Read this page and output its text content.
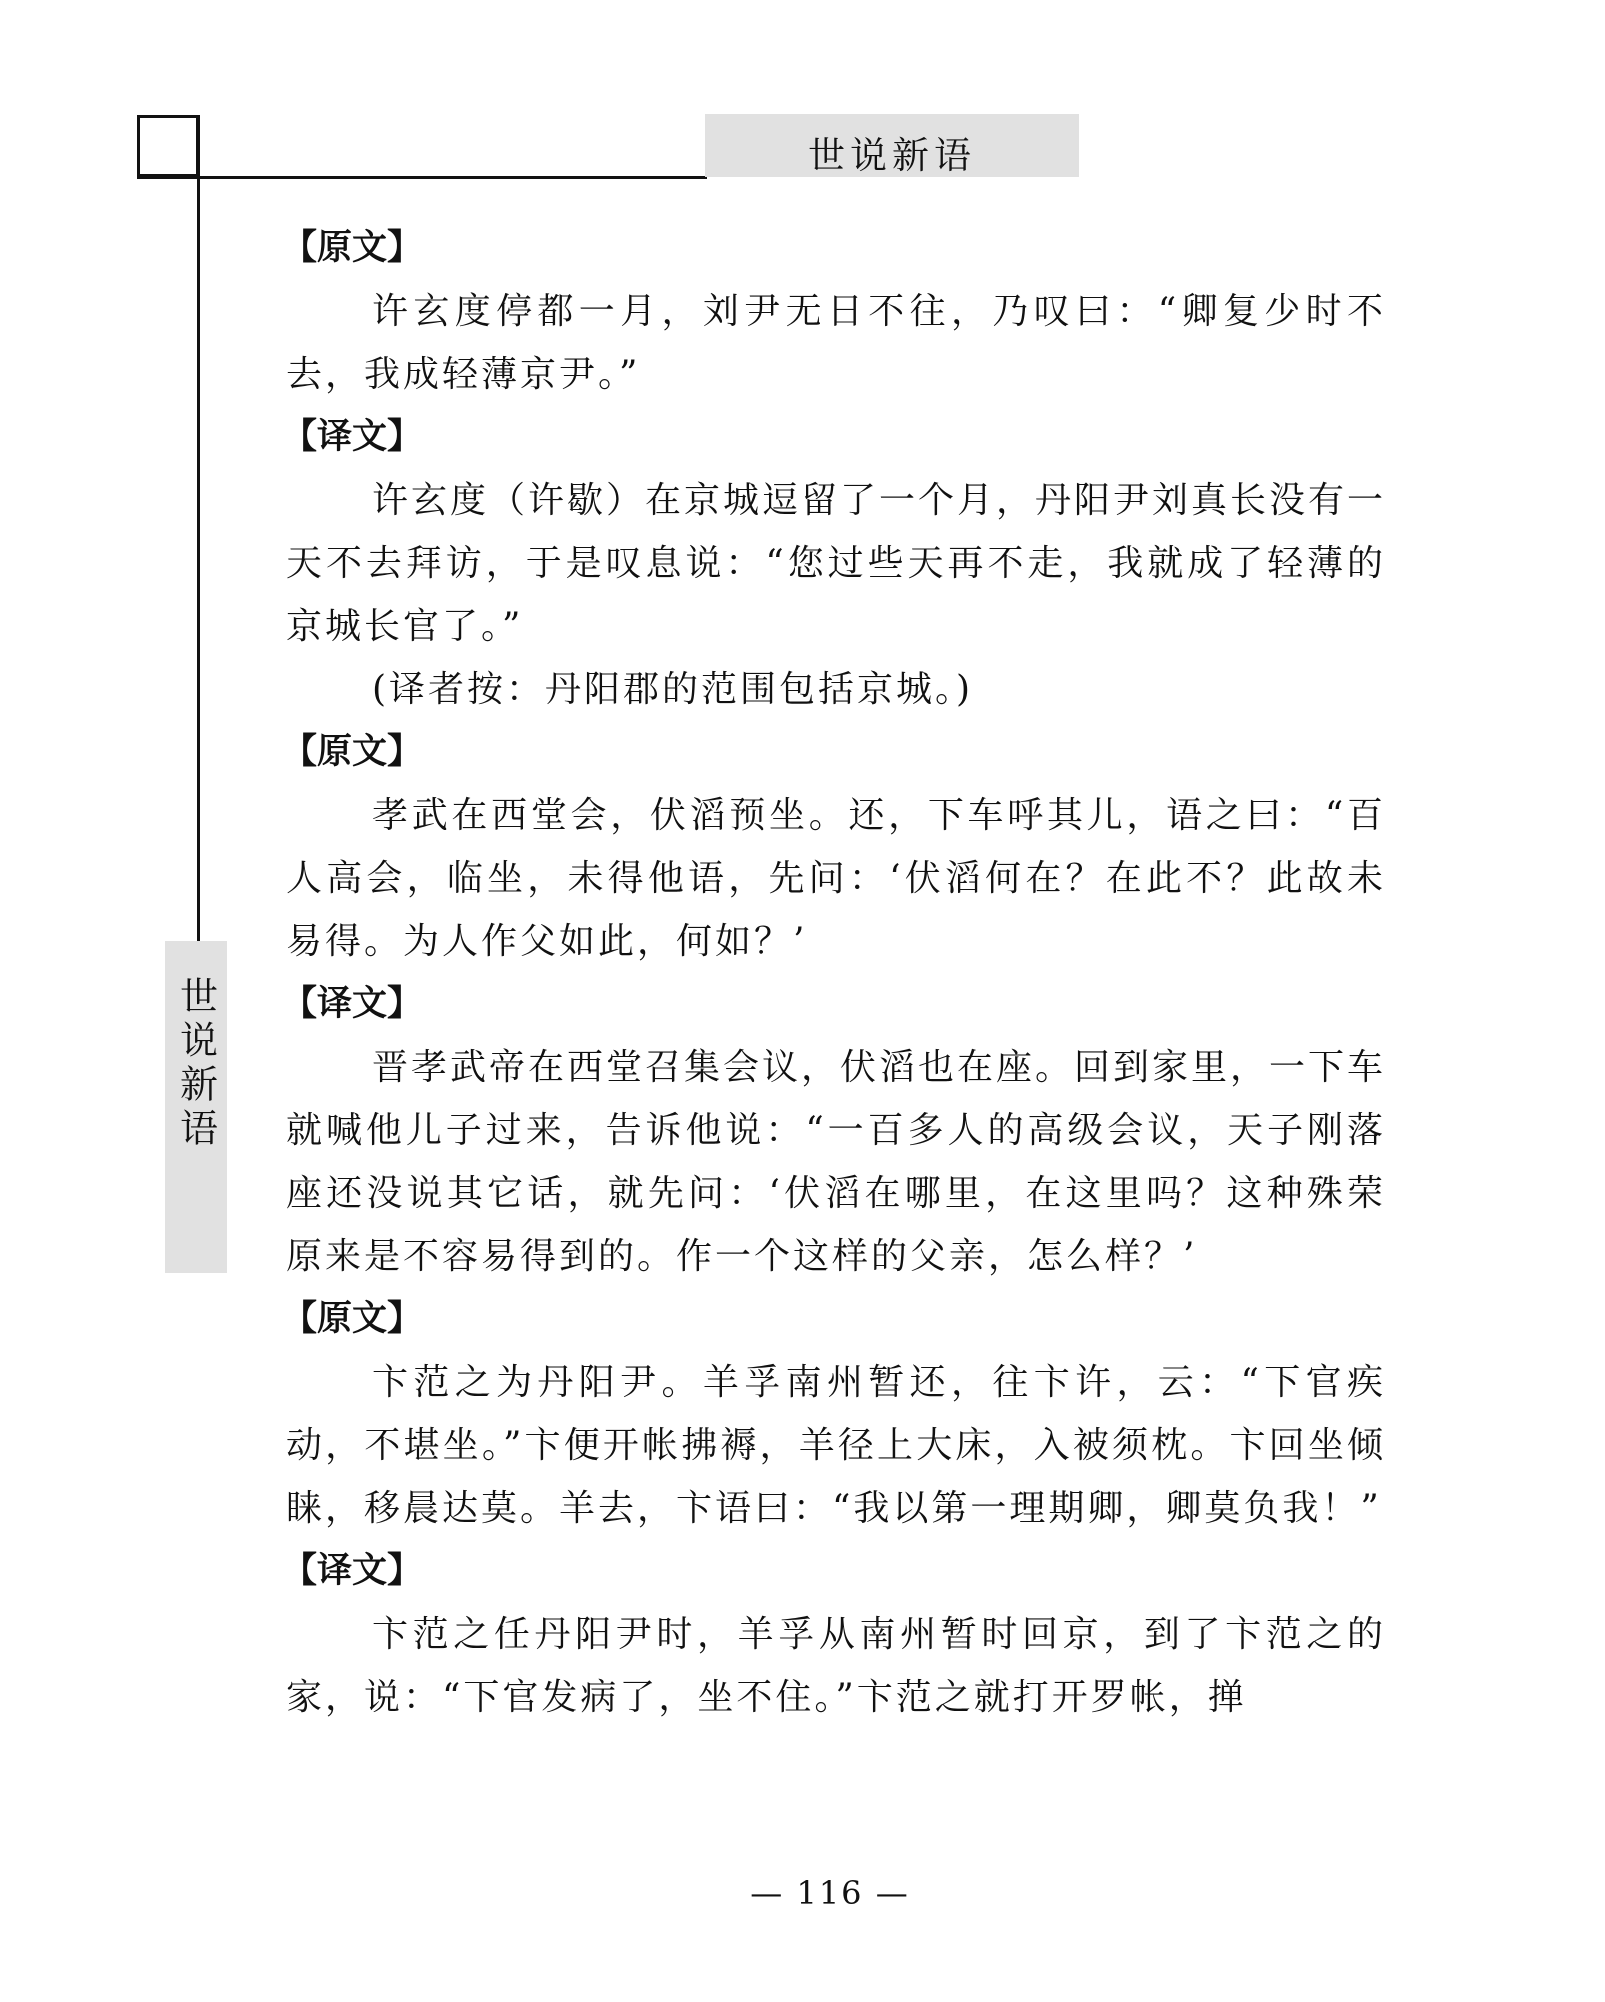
世说新语
世说新语
【原文】

许玄度停都一月，刘尹无日不往，乃叹曰：“卿复少时不去，我成轻薄京尹。”

【译文】

许玄度（许歇）在京城逗留了一个月，丹阳尹刘真长没有一天不去拜访，于是叹息说：“您过些天再不走，我就成了轻薄的京城长官了。”

(译者按：丹阳郡的范围包括京城。)

【原文】

孝武在西堂会，伏滔预坐。还，下车呼其儿，语之曰：“百人高会，临坐，未得他语，先问：‘伏滔何在？在此不？此故未易得。为人作父如此，何如？’

【译文】

晋孝武帝在西堂召集会议，伏滔也在座。回到家里，一下车就喊他儿子过来，告诉他说：“一百多人的高级会议，天子刚落座还没说其它话，就先问：‘伏滔在哪里，在这里吗？这种殊荣原来是不容易得到的。作一个这样的父亲，怎么样？’

【原文】

卞范之为丹阳尹。羊孚南州暂还，往卞许，云：“下官疾动，不堪坐。”卞便开帐拂褥，羊径上大床，入被须枕。卞回坐倾睐，移晨达莫。羊去，卞语曰：“我以第一理期卿，卿莫负我！”

【译文】

卞范之任丹阳尹时，羊孚从南州暂时回京，到了卞范之的家，说：“下官发病了，坐不住。”卞范之就打开罗帐，掸

— 116 —
